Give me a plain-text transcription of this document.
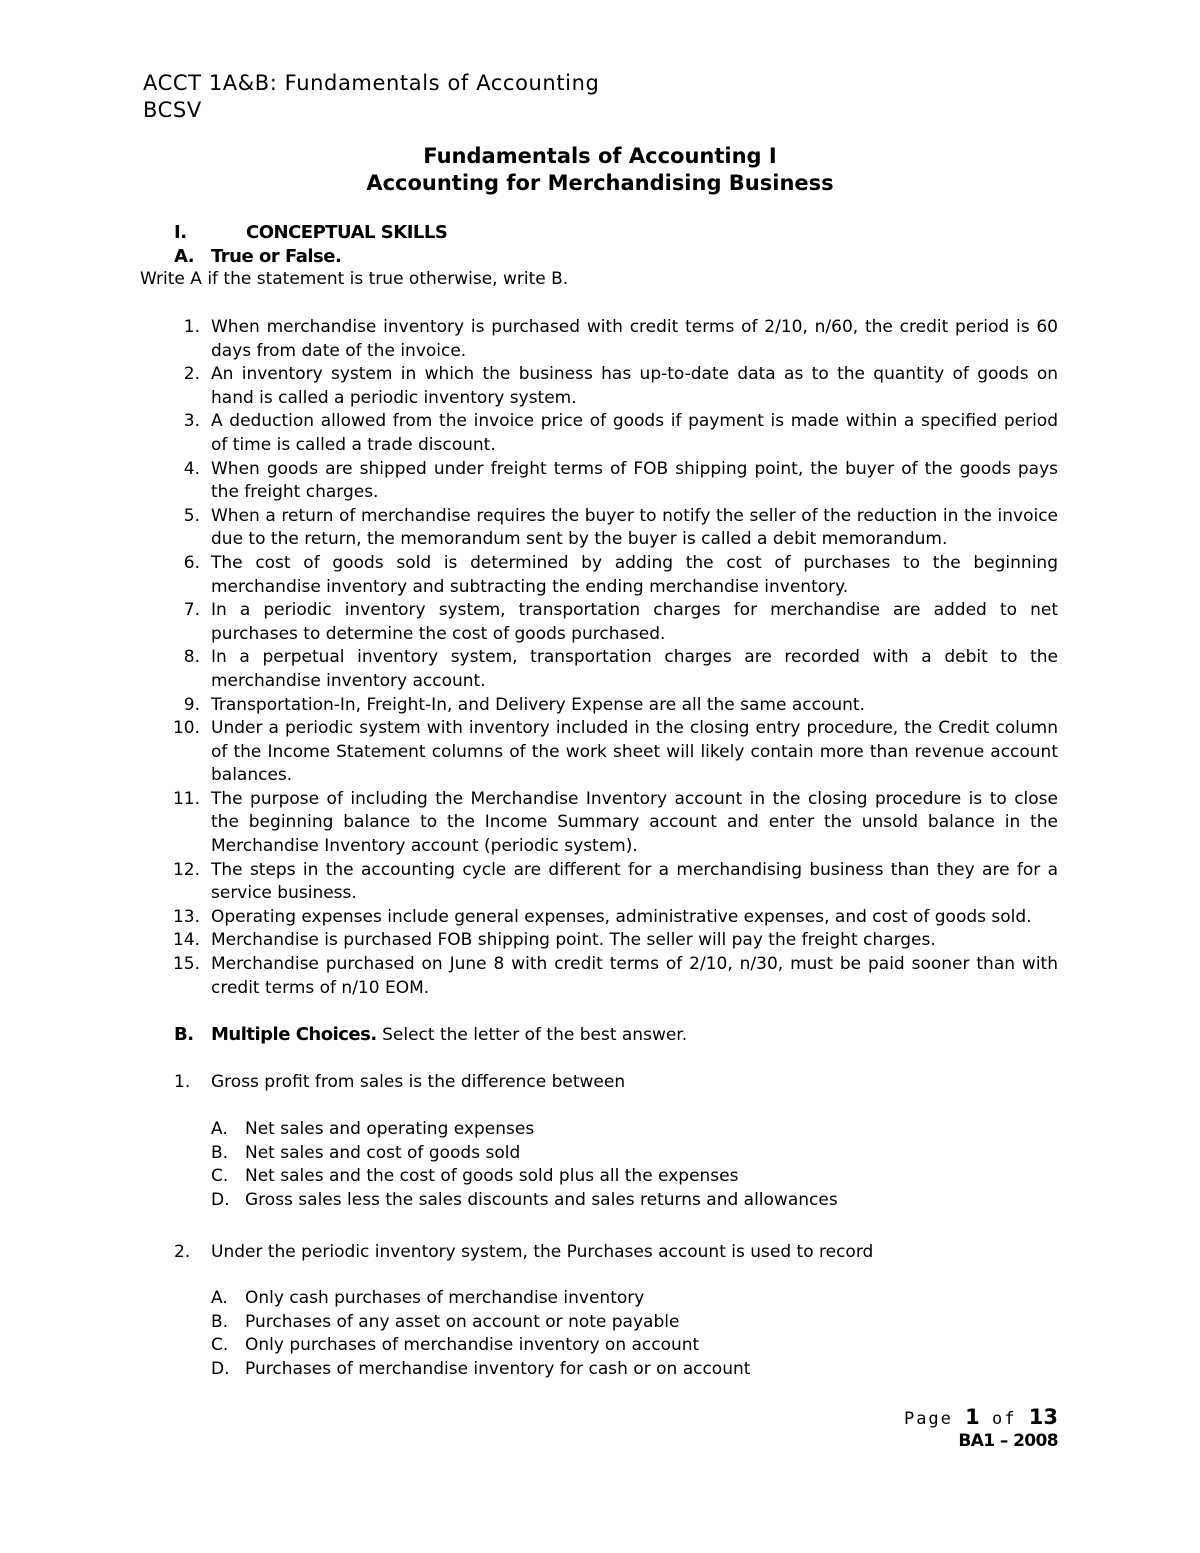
ACCT 1A&B: Fundamentals of Accounting
BCSV
Fundamentals of Accounting I
Accounting for Merchandising Business
I.	CONCEPTUAL SKILLS
A. True or False.
Write A if the statement is true otherwise, write B.
1. When merchandise inventory is purchased with credit terms of 2/10, n/60, the credit period is 60 days from date of the invoice.
2. An inventory system in which the business has up-to-date data as to the quantity of goods on hand is called a periodic inventory system.
3. A deduction allowed from the invoice price of goods if payment is made within a specified period of time is called a trade discount.
4. When goods are shipped under freight terms of FOB shipping point, the buyer of the goods pays the freight charges.
5. When a return of merchandise requires the buyer to notify the seller of the reduction in the invoice due to the return, the memorandum sent by the buyer is called a debit memorandum.
6. The cost of goods sold is determined by adding the cost of purchases to the beginning merchandise inventory and subtracting the ending merchandise inventory.
7. In a periodic inventory system, transportation charges for merchandise are added to net purchases to determine the cost of goods purchased.
8. In a perpetual inventory system, transportation charges are recorded with a debit to the merchandise inventory account.
9. Transportation-In, Freight-In, and Delivery Expense are all the same account.
10. Under a periodic system with inventory included in the closing entry procedure, the Credit column of the Income Statement columns of the work sheet will likely contain more than revenue account balances.
11. The purpose of including the Merchandise Inventory account in the closing procedure is to close the beginning balance to the Income Summary account and enter the unsold balance in the Merchandise Inventory account (periodic system).
12. The steps in the accounting cycle are different for a merchandising business than they are for a service business.
13. Operating expenses include general expenses, administrative expenses, and cost of goods sold.
14. Merchandise is purchased FOB shipping point. The seller will pay the freight charges.
15. Merchandise purchased on June 8 with credit terms of 2/10, n/30, must be paid sooner than with credit terms of n/10 EOM.
B. Multiple Choices. Select the letter of the best answer.
1. Gross profit from sales is the difference between
A. Net sales and operating expenses
B. Net sales and cost of goods sold
C. Net sales and the cost of goods sold plus all the expenses
D. Gross sales less the sales discounts and sales returns and allowances
2. Under the periodic inventory system, the Purchases account is used to record
A. Only cash purchases of merchandise inventory
B. Purchases of any asset on account or note payable
C. Only purchases of merchandise inventory on account
D. Purchases of merchandise inventory for cash or on account
Page 1 of 13
BA1 – 2008
